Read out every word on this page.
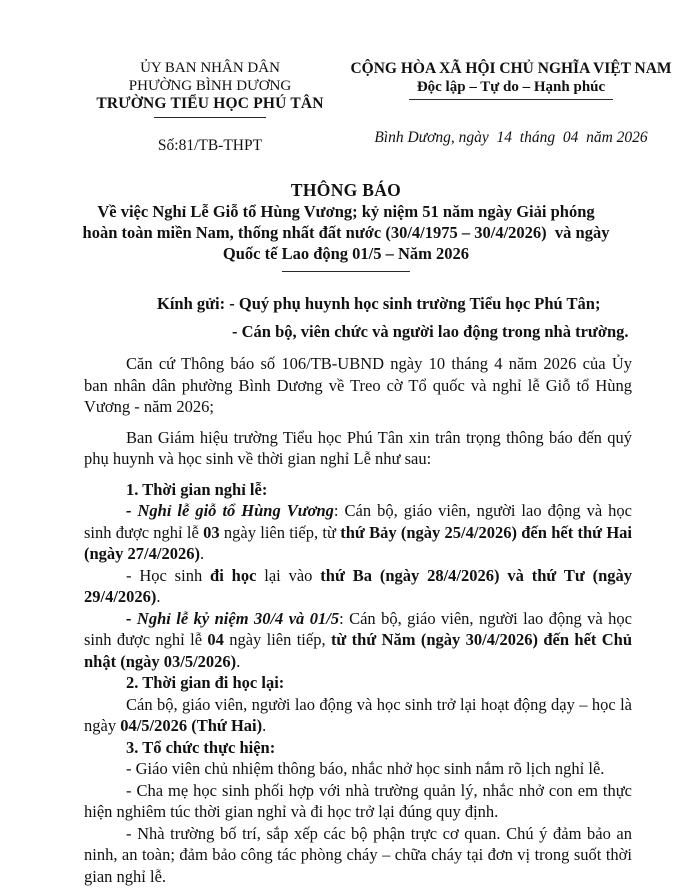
ỦY BAN NHÂN DÂN
PHƯỜNG BÌNH DƯƠNG
TRƯỜNG TIỂU HỌC PHÚ TÂN
Số:81/TB-THPT
CỘNG HÒA XÃ HỘI CHỦ NGHĨA VIỆT NAM
Độc lập – Tự do – Hạnh phúc
Bình Dương, ngày  14  tháng  04  năm 2026
THÔNG BÁO
Về việc Nghỉ Lễ Giỗ tổ Hùng Vương; kỷ niệm 51 năm ngày Giải phóng
hoàn toàn miền Nam, thống nhất đất nước (30/4/1975 – 30/4/2026)  và ngày
Quốc tế Lao động 01/5 – Năm 2026
Kính gửi: - Quý phụ huynh học sinh trường Tiểu học Phú Tân;
- Cán bộ, viên chức và người lao động trong nhà trường.

Căn cứ Thông báo số 106/TB-UBND ngày 10 tháng 4 năm 2026 của Ủy ban nhân dân phường Bình Dương về Treo cờ Tổ quốc và nghỉ lễ Giỗ tổ Hùng Vương - năm 2026;

Ban Giám hiệu trường Tiểu học Phú Tân xin trân trọng thông báo đến quý phụ huynh và học sinh về thời gian nghỉ Lễ như sau:

1. Thời gian nghỉ lễ:

- Nghỉ lễ giỗ tổ Hùng Vương: Cán bộ, giáo viên, người lao động và học sinh được nghỉ lễ 03 ngày liên tiếp, từ thứ Bảy (ngày 25/4/2026) đến hết thứ Hai (ngày 27/4/2026).

- Học sinh đi học lại vào thứ Ba (ngày 28/4/2026) và thứ Tư (ngày 29/4/2026).

- Nghỉ lễ kỷ niệm 30/4 và 01/5: Cán bộ, giáo viên, người lao động và học sinh được nghỉ lễ 04 ngày liên tiếp, từ thứ Năm (ngày 30/4/2026) đến hết Chủ nhật (ngày 03/5/2026).

2. Thời gian đi học lại:

Cán bộ, giáo viên, người lao động và học sinh trở lại hoạt động dạy – học là ngày 04/5/2026 (Thứ Hai).

3. Tổ chức thực hiện:

- Giáo viên chủ nhiệm thông báo, nhắc nhở học sinh nắm rõ lịch nghỉ lễ.

- Cha mẹ học sinh phối hợp với nhà trường quản lý, nhắc nhở con em thực hiện nghiêm túc thời gian nghỉ và đi học trở lại đúng quy định.

- Nhà trường bố trí, sắp xếp các bộ phận trực cơ quan. Chú ý đảm bảo an ninh, an toàn; đảm bảo công tác phòng cháy – chữa cháy tại đơn vị trong suốt thời gian nghỉ lễ.
